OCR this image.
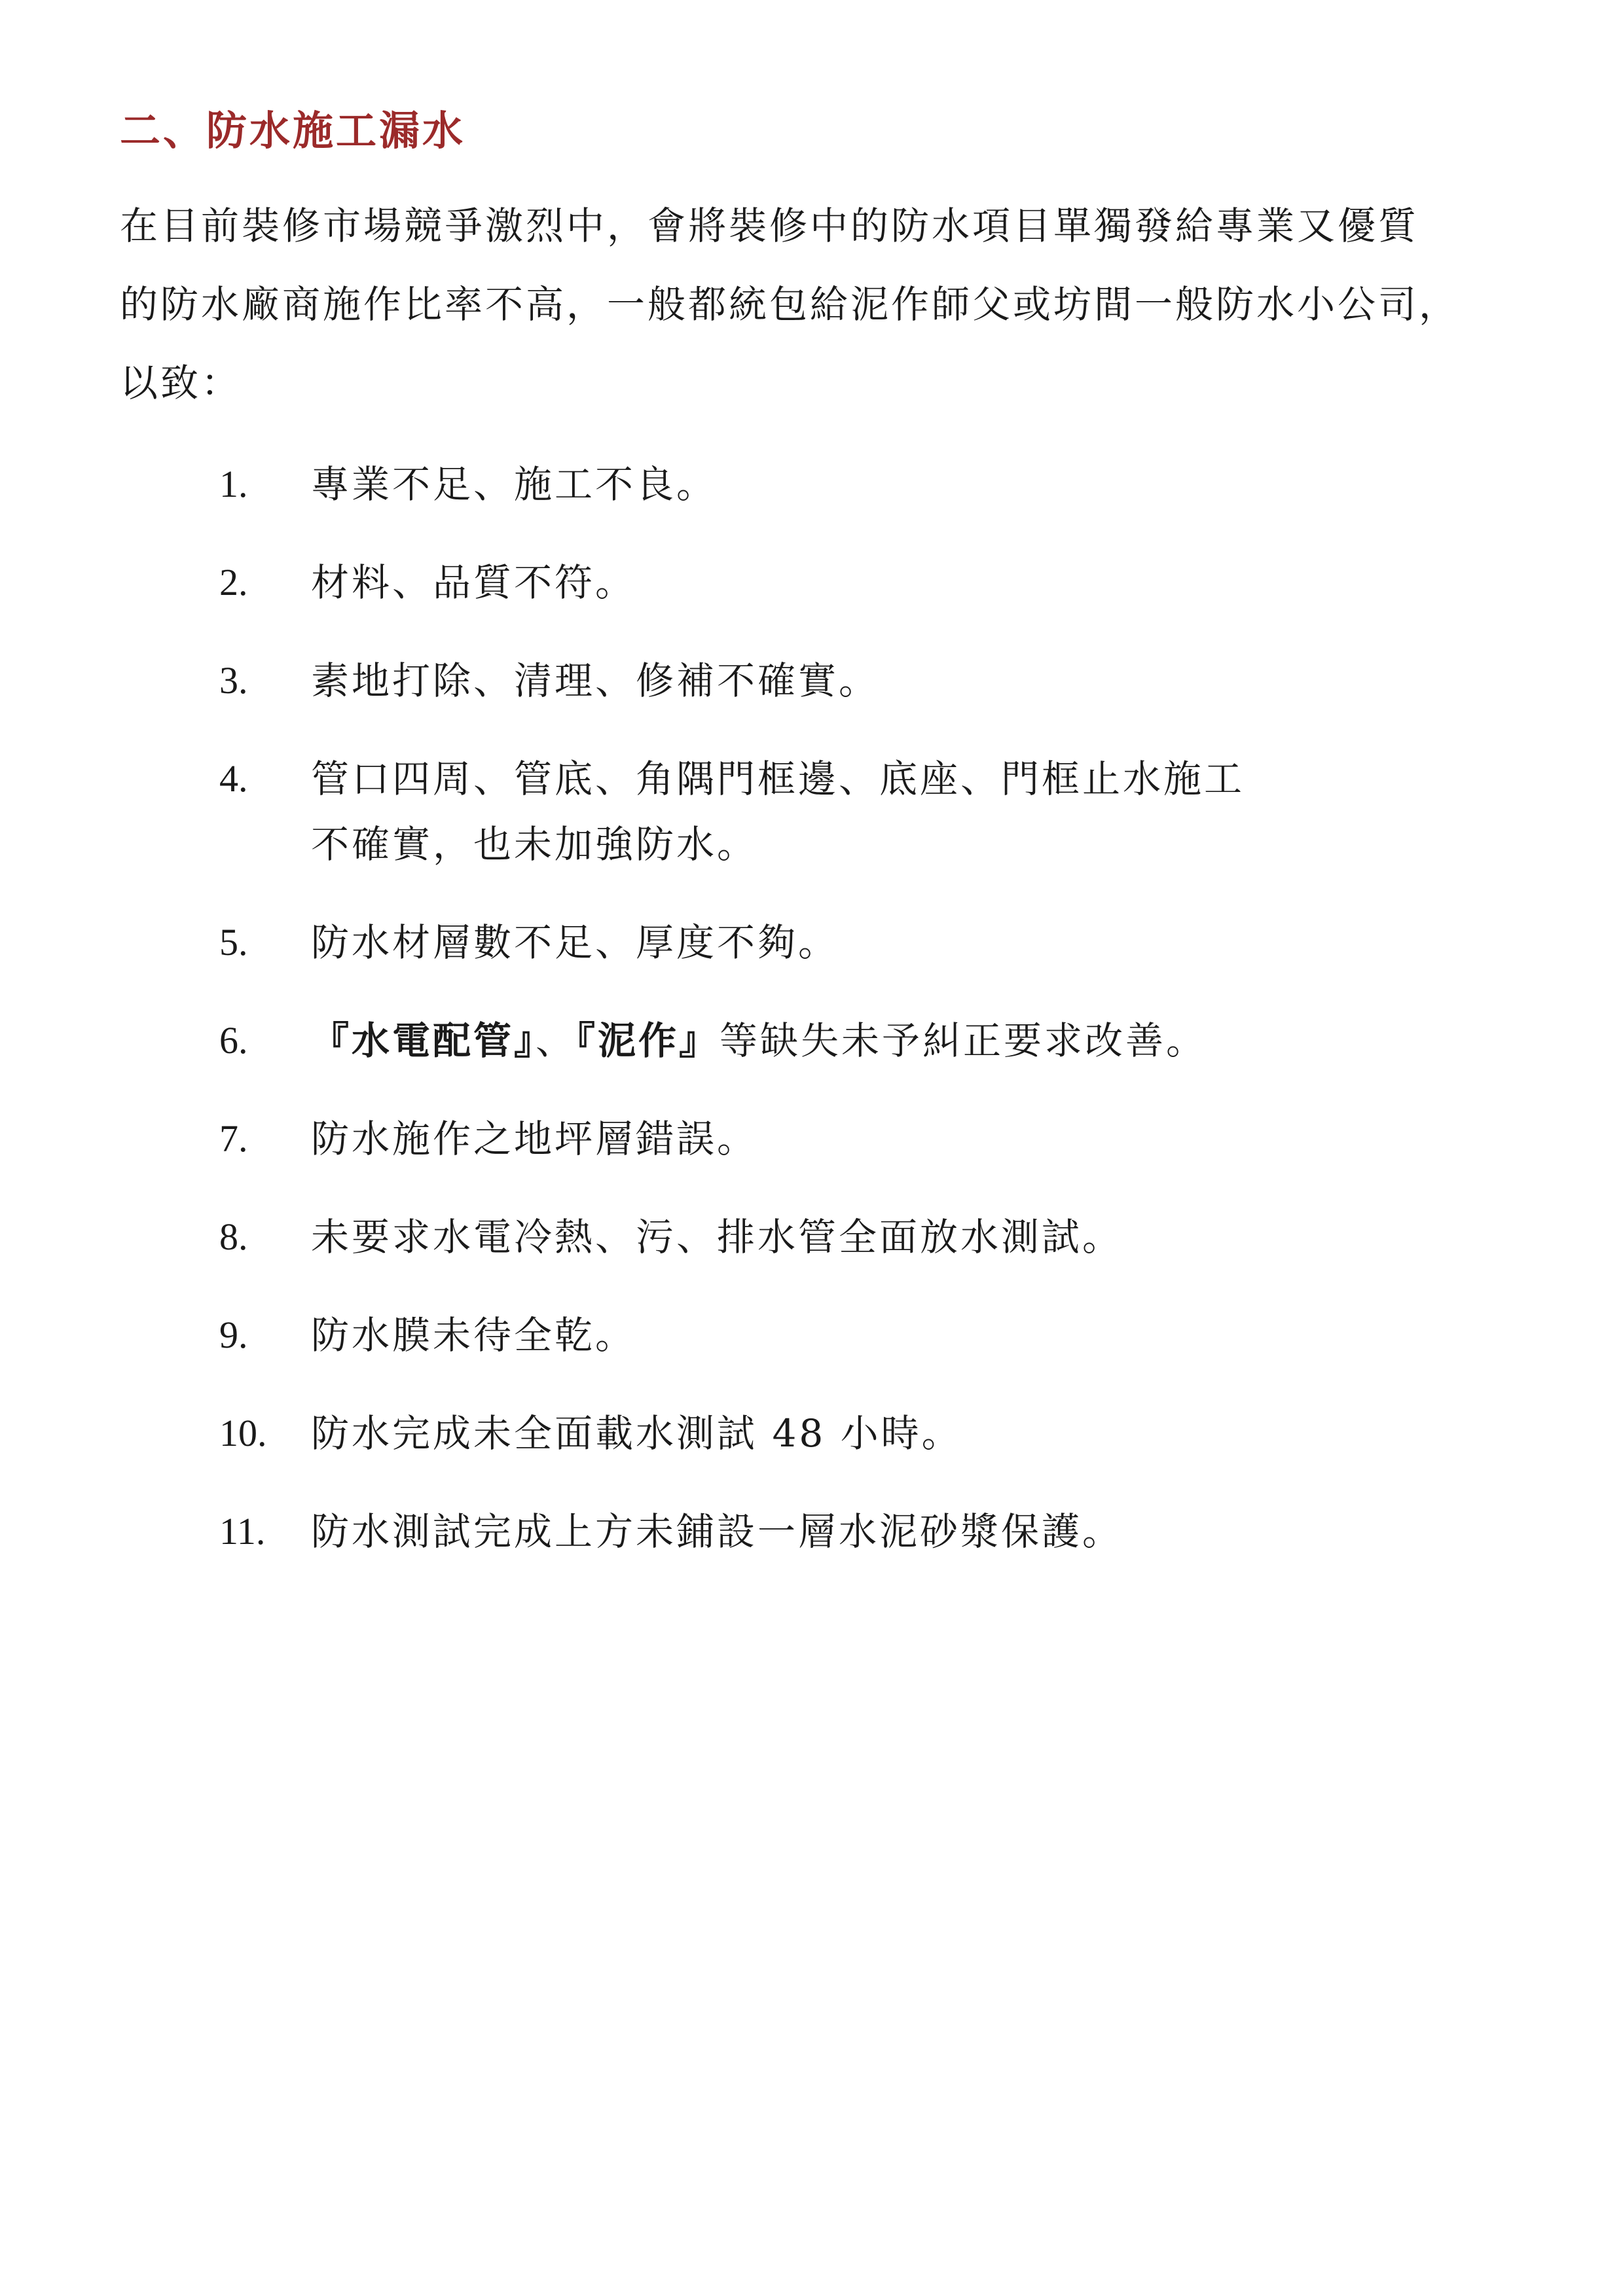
二、防水施工漏水

在目前裝修市場競爭激烈中，會將裝修中的防水項目單獨發給專業又優質

的防水廠商施作比率不高，一般都統包給泥作師父或坊間一般防水小公司，

以致：

1.	專業不足、施工不良。
2.	材料、品質不符。
3.	素地打除、清理、修補不確實。
4.	管口四周、管底、角隅門框邊、底座、門框止水施工
不確實，也未加強防水。
5.	防水材層數不足、厚度不夠。
6.	『水電配管』、『泥作』等缺失未予糾正要求改善。
7.	防水施作之地坪層錯誤。
8.	未要求水電冷熱、污、排水管全面放水測試。
9.	防水膜未待全乾。
10.	防水完成未全面載水測試 48 小時。
11.	防水測試完成上方未鋪設一層水泥砂漿保護。
